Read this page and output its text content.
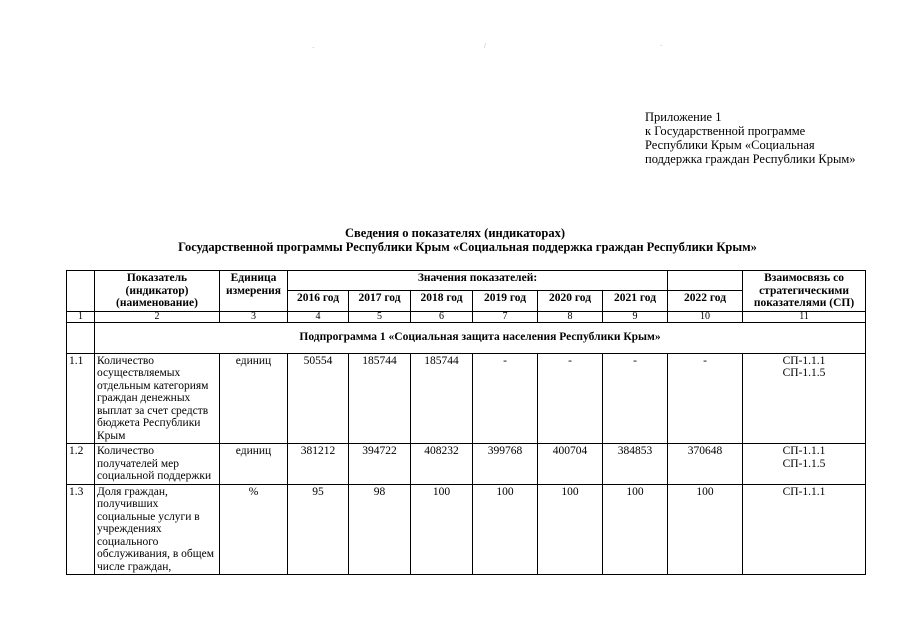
·	/	·
Приложение 1
к Государственной программе
Республики Крым «Социальная
поддержка граждан Республики Крым»
Сведения о показателях (индикаторах)
Государственной программы Республики Крым «Социальная поддержка граждан Республики Крым»
	Показатель
(индикатор)
(наименование)	Единица измерения	Значения показателей:							Взаимосвязь со стратегическими показателями (СП)
			2016 год	2017 год	2018 год	2019 год	2020 год	2021 год	2022 год	
1	2	3	4	5	6	7	8	9	10	11
	Подпрограмма 1 «Социальная защита населения Республики Крым»									
1.1	Количество осуществляемых отдельным категориям граждан денежных выплат за счет средств бюджета Республики Крым	единиц	50554	185744	185744	-	-	-	-	СП-1.1.1
СП-1.1.5
1.2	Количество получателей мер социальной поддержки	единиц	381212	394722	408232	399768	400704	384853	370648	СП-1.1.1
СП-1.1.5
1.3	Доля граждан, получивших социальные услуги в учреждениях социального обслуживания, в общем числе граждан,	%	95	98	100	100	100	100	100	СП-1.1.1
